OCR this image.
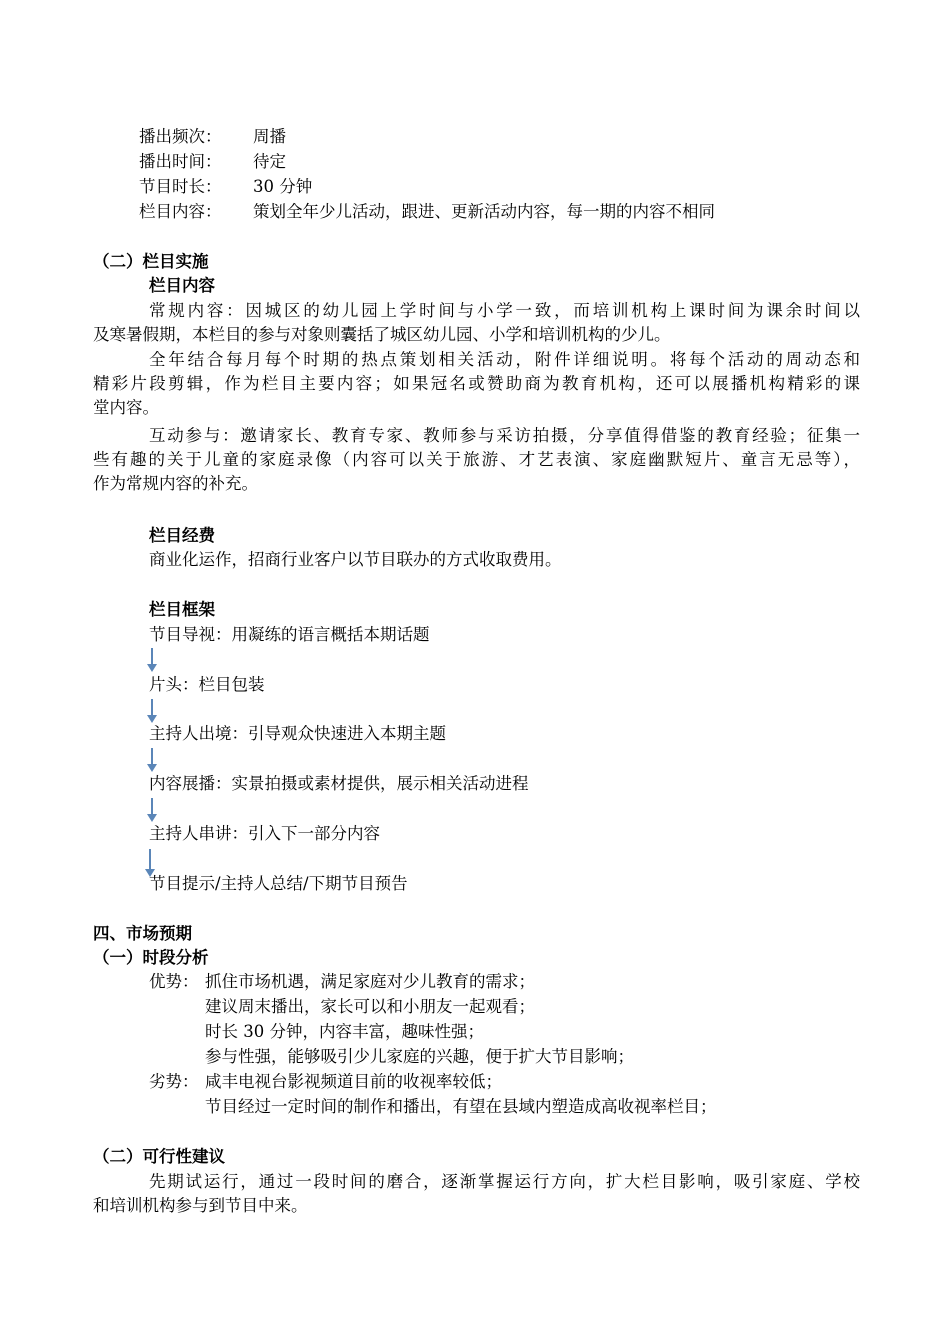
播出频次： 周播
播出时间： 待定
节目时长： 30 分钟
栏目内容： 策划全年少儿活动，跟进、更新活动内容，每一期的内容不相同
（二）栏目实施
栏目内容
常规内容：因城区的幼儿园上学时间与小学一致，而培训机构上课时间为课余时间以
及寒暑假期，本栏目的参与对象则囊括了城区幼儿园、小学和培训机构的少儿。
全年结合每月每个时期的热点策划相关活动，附件详细说明。将每个活动的周动态和
精彩片段剪辑，作为栏目主要内容；如果冠名或赞助商为教育机构，还可以展播机构精彩的课
堂内容。
互动参与：邀请家长、教育专家、教师参与采访拍摄，分享值得借鉴的教育经验；征集一
些有趣的关于儿童的家庭录像（内容可以关于旅游、才艺表演、家庭幽默短片、童言无忌等），
作为常规内容的补充。
栏目经费
商业化运作，招商行业客户以节目联办的方式收取费用。
栏目框架
节目导视：用凝练的语言概括本期话题
片头：栏目包装
主持人出境：引导观众快速进入本期主题
内容展播：实景拍摄或素材提供，展示相关活动进程
主持人串讲：引入下一部分内容
节目提示/主持人总结/下期节目预告
四、市场预期
（一）时段分析
优势： 抓住市场机遇，满足家庭对少儿教育的需求；
建议周末播出，家长可以和小朋友一起观看；
时长 30 分钟，内容丰富，趣味性强；
参与性强，能够吸引少儿家庭的兴趣，便于扩大节目影响；
劣势： 咸丰电视台影视频道目前的收视率较低；
节目经过一定时间的制作和播出，有望在县域内塑造成高收视率栏目；
（二）可行性建议
先期试运行，通过一段时间的磨合，逐渐掌握运行方向，扩大栏目影响，吸引家庭、学校
和培训机构参与到节目中来。
